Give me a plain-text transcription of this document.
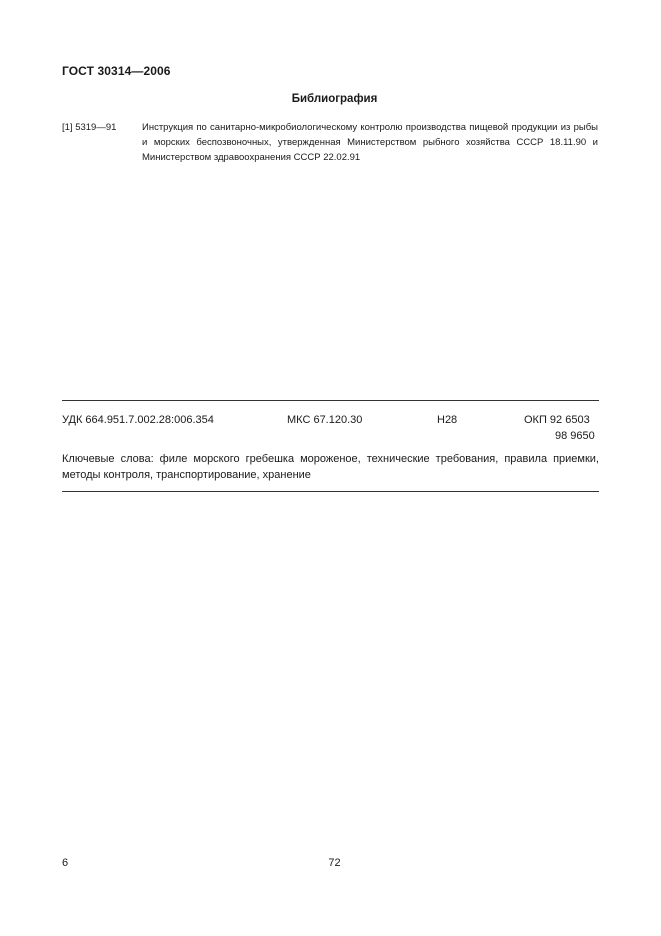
ГОСТ 30314—2006
Библиография
[1] 5319—91	Инструкция по санитарно-микробиологическому контролю производства пищевой продукции из рыбы и морских беспозвоночных, утвержденная Министерством рыбного хозяйства СССР 18.11.90 и Министерством здравоохранения СССР 22.02.91
УДК 664.951.7.002.28:006.354	МКС 67.120.30	Н28	ОКП 92 6503
98 9650
Ключевые слова: филе морского гребешка мороженое, технические требования, правила приемки, методы контроля, транспортирование, хранение
6	72
